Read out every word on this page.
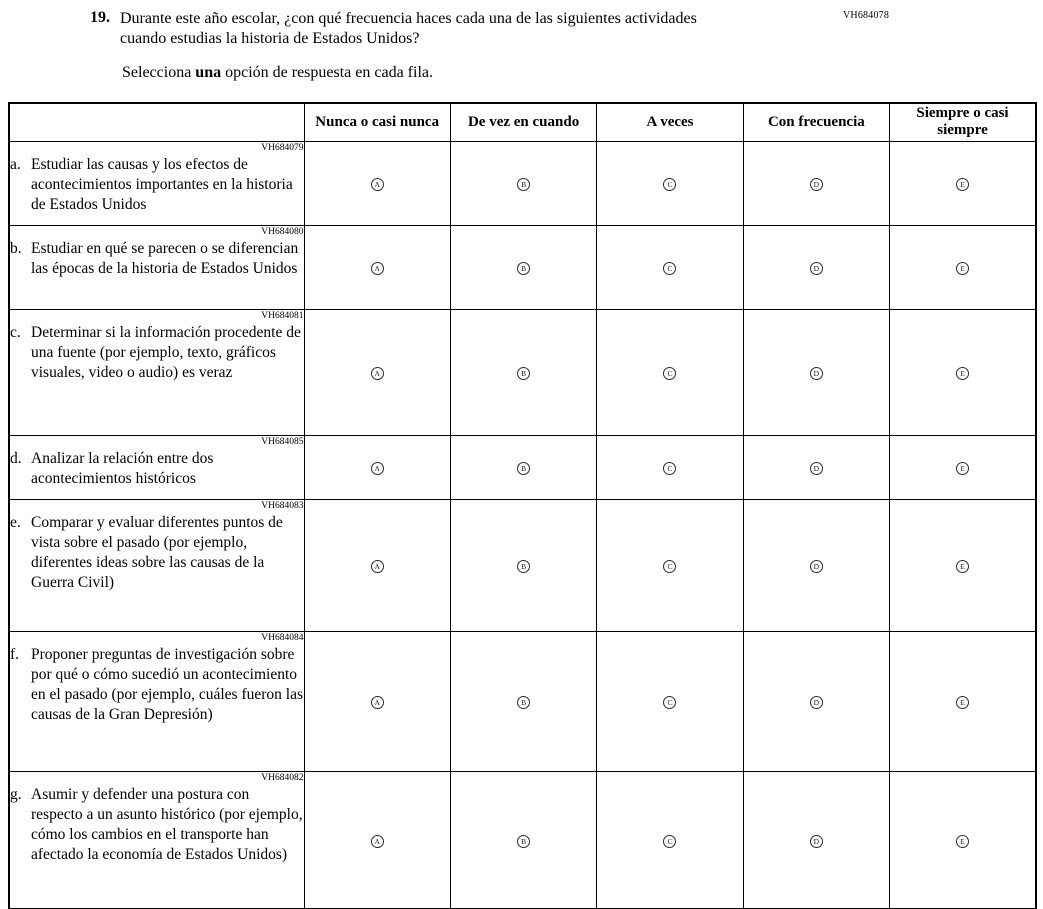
VH684078
19. Durante este año escolar, ¿con qué frecuencia haces cada una de las siguientes actividades cuando estudias la historia de Estados Unidos?
Selecciona una opción de respuesta en cada fila.
	Nunca o casi nunca	De vez en cuando	A veces	Con frecuencia	Siempre o casi siempre

VH684079
a. Estudiar las causas y los efectos de acontecimientos importantes en la historia de Estados Unidos	A	B	C	D	E

VH684080
b. Estudiar en qué se parecen o se diferencian las épocas de la historia de Estados Unidos	A	B	C	D	E

VH684081
c. Determinar si la información procedente de una fuente (por ejemplo, texto, gráficos visuales, video o audio) es veraz	A	B	C	D	E

VH684085
d. Analizar la relación entre dos acontecimientos históricos	A	B	C	D	E

VH684083
e. Comparar y evaluar diferentes puntos de vista sobre el pasado (por ejemplo, diferentes ideas sobre las causas de la Guerra Civil)	A	B	C	D	E

VH684084
f. Proponer preguntas de investigación sobre por qué o cómo sucedió un acontecimiento en el pasado (por ejemplo, cuáles fueron las causas de la Gran Depresión)	A	B	C	D	E

VH684082
g. Asumir y defender una postura con respecto a un asunto histórico (por ejemplo, cómo los cambios en el transporte han afectado la economía de Estados Unidos)	A	B	C	D	E
